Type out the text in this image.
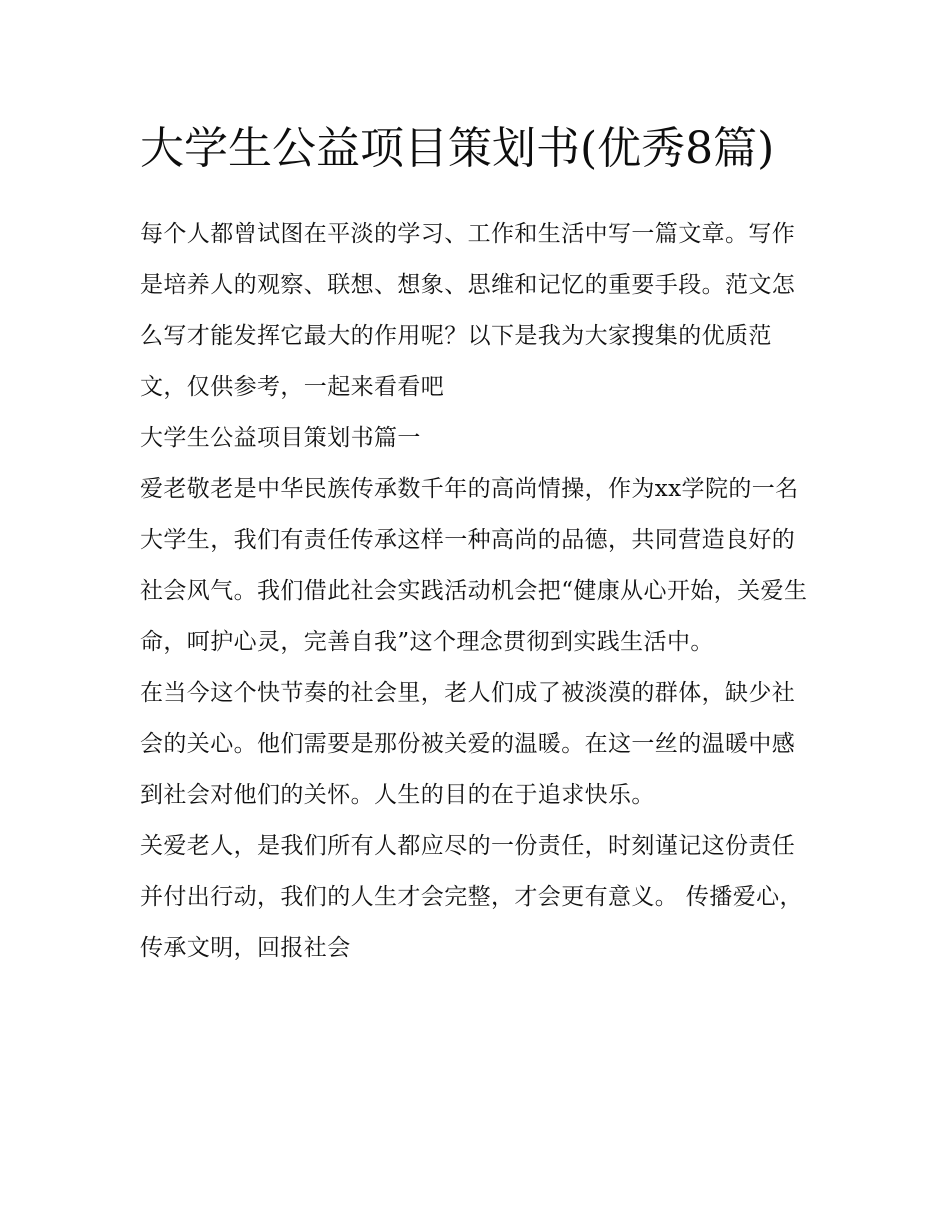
大学生公益项目策划书(优秀8篇)

每个人都曾试图在平淡的学习、工作和生活中写一篇文章。写作是培养人的观察、联想、想象、思维和记忆的重要手段。范文怎么写才能发挥它最大的作用呢？以下是我为大家搜集的优质范文，仅供参考，一起来看看吧

大学生公益项目策划书篇一

爱老敬老是中华民族传承数千年的高尚情操，作为xx学院的一名大学生，我们有责任传承这样一种高尚的品德，共同营造良好的社会风气。我们借此社会实践活动机会把“健康从心开始，关爱生命，呵护心灵，完善自我”这个理念贯彻到实践生活中。

在当今这个快节奏的社会里，老人们成了被淡漠的群体，缺少社会的关心。他们需要是那份被关爱的温暖。在这一丝的温暖中感到社会对他们的关怀。人生的目的在于追求快乐。

关爱老人，是我们所有人都应尽的一份责任，时刻谨记这份责任并付出行动，我们的人生才会完整，才会更有意义。 传播爱心，传承文明，回报社会
